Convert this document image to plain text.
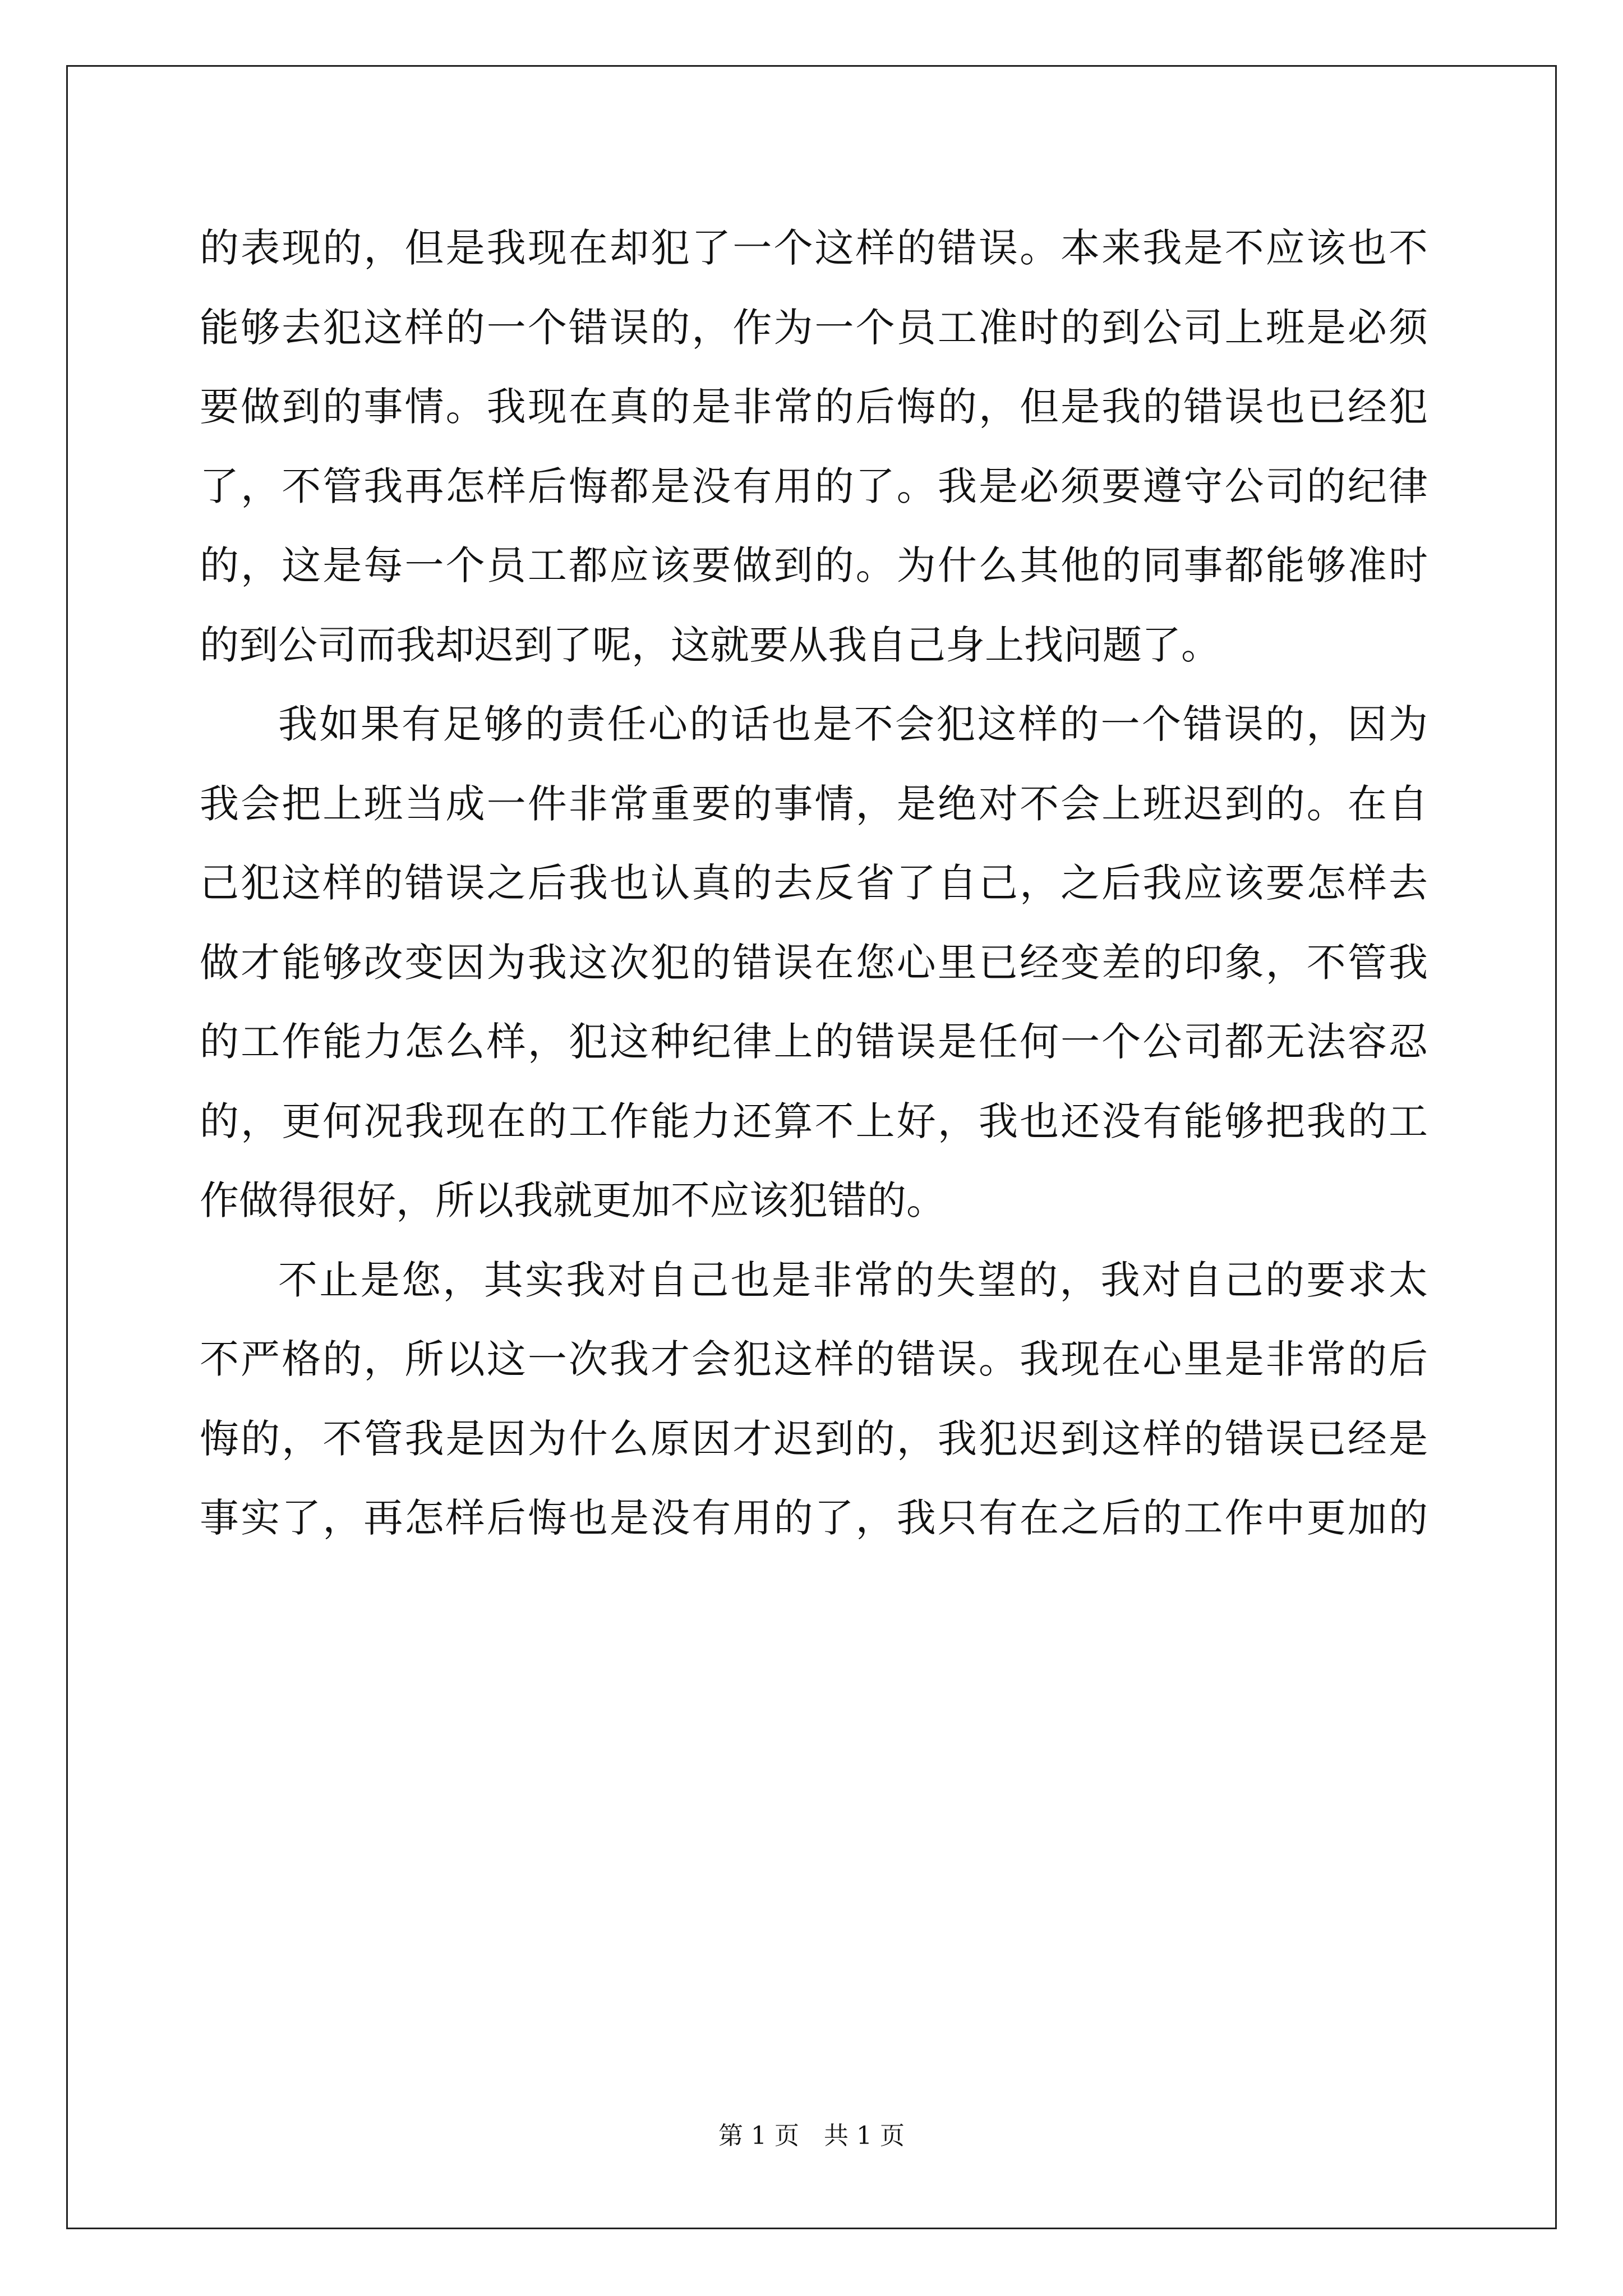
的表现的，但是我现在却犯了一个这样的错误。本来我是不应该也不
能够去犯这样的一个错误的，作为一个员工准时的到公司上班是必须
要做到的事情。我现在真的是非常的后悔的，但是我的错误也已经犯
了，不管我再怎样后悔都是没有用的了。我是必须要遵守公司的纪律
的，这是每一个员工都应该要做到的。为什么其他的同事都能够准时
的到公司而我却迟到了呢，这就要从我自己身上找问题了。
我如果有足够的责任心的话也是不会犯这样的一个错误的，因为
我会把上班当成一件非常重要的事情，是绝对不会上班迟到的。在自
己犯这样的错误之后我也认真的去反省了自己，之后我应该要怎样去
做才能够改变因为我这次犯的错误在您心里已经变差的印象，不管我
的工作能力怎么样，犯这种纪律上的错误是任何一个公司都无法容忍
的，更何况我现在的工作能力还算不上好，我也还没有能够把我的工
作做得很好，所以我就更加不应该犯错的。
不止是您，其实我对自己也是非常的失望的，我对自己的要求太
不严格的，所以这一次我才会犯这样的错误。我现在心里是非常的后
悔的，不管我是因为什么原因才迟到的，我犯迟到这样的错误已经是
事实了，再怎样后悔也是没有用的了，我只有在之后的工作中更加的
第 1 页　共 1 页
